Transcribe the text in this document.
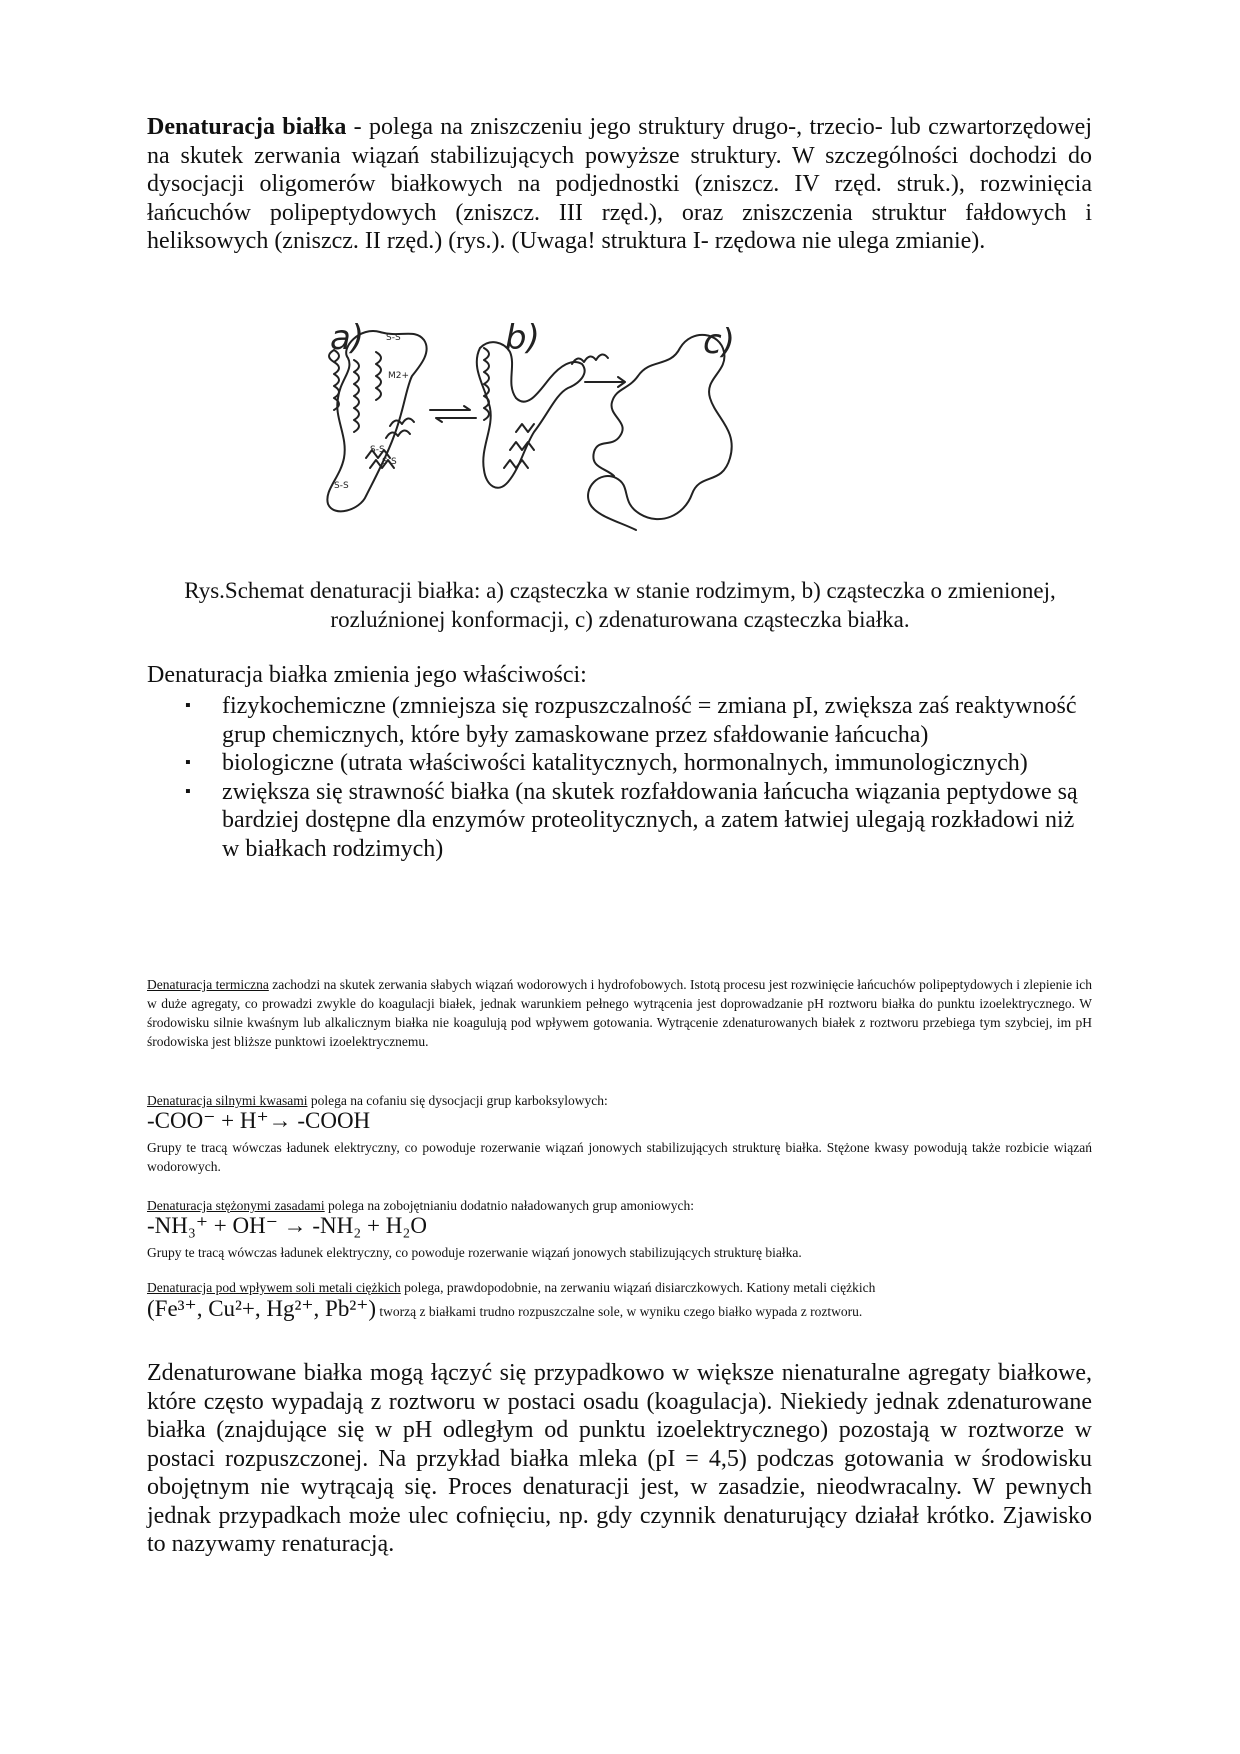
Denaturacja białka - polega na zniszczeniu jego struktury drugo-, trzecio- lub czwartorzędowej na skutek zerwania wiązań stabilizujących powyższe struktury. W szczególności dochodzi do dysocjacji oligomerów białkowych na podjednostki (zniszcz. IV rzęd. struk.), rozwinięcia łańcuchów polipeptydowych (zniszcz. III rzęd.), oraz zniszczenia struktur fałdowych i heliksowych (zniszcz. II rzęd.) (rys.). (Uwaga! struktura I- rzędowa nie ulega zmianie).

S-S
M2+
S-S
S-S
S-S
a)	b)	c)

Rys.Schemat denaturacji białka: a) cząsteczka w stanie rodzimym, b) cząsteczka o zmienionej, rozluźnionej konformacji, c) zdenaturowana cząsteczka białka.

Denaturacja białka zmienia jego właściwości:

▪ fizykochemiczne (zmniejsza się rozpuszczalność = zmiana pI, zwiększa zaś reaktywność grup chemicznych, które były zamaskowane przez sfałdowanie łańcucha)
▪ biologiczne (utrata właściwości katalitycznych, hormonalnych, immunologicznych)
▪ zwiększa się strawność białka (na skutek rozfałdowania łańcucha wiązania peptydowe są bardziej dostępne dla enzymów proteolitycznych, a zatem łatwiej ulegają rozkładowi niż w białkach rodzimych)

Denaturacja termiczna zachodzi na skutek zerwania słabych wiązań wodorowych i hydrofobowych. Istotą procesu jest rozwinięcie łańcuchów polipeptydowych i zlepienie ich w duże agregaty, co prowadzi zwykle do koagulacji białek, jednak warunkiem pełnego wytrącenia jest doprowadzanie pH roztworu białka do punktu izoelektrycznego. W środowisku silnie kwaśnym lub alkalicznym białka nie koagulują pod wpływem gotowania. Wytrącenie zdenaturowanych białek z roztworu przebiega tym szybciej, im pH środowiska jest bliższe punktowi izoelektrycznemu.

Denaturacja silnymi kwasami polega na cofaniu się dysocjacji grup karboksylowych:

-COO⁻ + H⁺→ -COOH

Grupy te tracą wówczas ładunek elektryczny, co powoduje rozerwanie wiązań jonowych stabilizujących strukturę białka. Stężone kwasy powodują także rozbicie wiązań wodorowych.

Denaturacja stężonymi zasadami polega na zobojętnianiu dodatnio naładowanych grup amoniowych:

-NH₃⁺ + OH⁻ → -NH₂ + H₂O

Grupy te tracą wówczas ładunek elektryczny, co powoduje rozerwanie wiązań jonowych stabilizujących strukturę białka.

Denaturacja pod wpływem soli metali ciężkich polega, prawdopodobnie, na zerwaniu wiązań disiarczkowych. Kationy metali ciężkich

(Fe³⁺, Cu²+, Hg²⁺, Pb²⁺) tworzą z białkami trudno rozpuszczalne sole, w wyniku czego białko wypada z roztworu.

Zdenaturowane białka mogą łączyć się przypadkowo w większe nienaturalne agregaty białkowe, które często wypadają z roztworu w postaci osadu (koagulacja). Niekiedy jednak zdenaturowane białka (znajdujące się w pH odległym od punktu izoelektrycznego) pozostają w roztworze w postaci rozpuszczonej. Na przykład białka mleka (pI = 4,5) podczas gotowania w środowisku obojętnym nie wytrącają się. Proces denaturacji jest, w zasadzie, nieodwracalny. W pewnych jednak przypadkach może ulec cofnięciu, np. gdy czynnik denaturujący działał krótko. Zjawisko to nazywamy renaturacją.
